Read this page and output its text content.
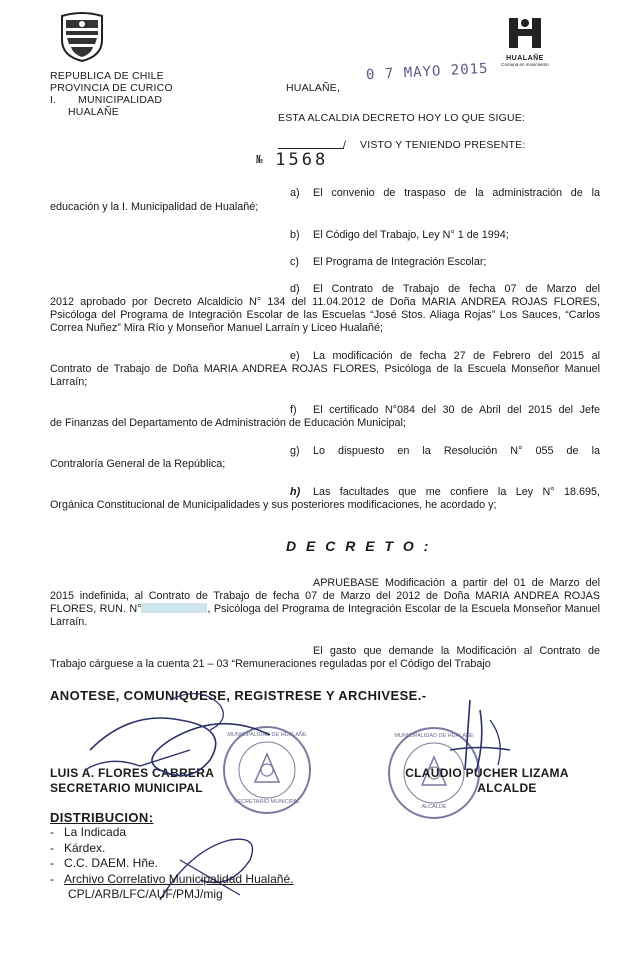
HUALAÑE
Comuna en movimiento
REPUBLICA DE CHILE
PROVINCIA DE CURICO
I.       MUNICIPALIDAD
HUALAÑE
HUALAÑE,
0 7 MAYO 2015
ESTA ALCALDIA DECRETO HOY LO QUE SIGUE:
/ VISTO Y TENIENDO PRESENTE:
№ 1568
a) El convenio de traspaso de la administración de la
educación y la I. Municipalidad de Hualañé;
b) El Código del Trabajo, Ley N° 1 de 1994;
c) El Programa de Integración Escolar;
d) El Contrato de Trabajo de fecha 07 de Marzo del
2012 aprobado por Decreto Alcaldicio N° 134 del 11.04.2012 de Doña MARIA ANDREA ROJAS FLORES, Psicóloga del Programa de Integración Escolar de las Escuelas “José Stos. Aliaga Rojas” Los Sauces, “Carlos Correa Nuñez” Mira Río y Monseñor Manuel Larraín y Liceo Hualañé;
e) La modificación de fecha 27 de Febrero del 2015 al
Contrato de Trabajo de Doña MARIA ANDREA ROJAS FLORES, Psicóloga de la Escuela Monseñor Manuel Larraín;
f) El certificado N°084 del 30 de Abril del 2015 del Jefe
de Finanzas del Departamento de Administración de Educación Municipal;
g) Lo dispuesto en la Resolución N° 055 de la
Contraloría General de la República;
h) Las facultades que me confiere la Ley N° 18.695,
Orgánica Constitucional de Municipalidades y sus posteriores modificaciones, he acordado y;
D E C R E T O :
APRUÉBASE Modificación a partir del 01 de Marzo del
2015 indefinida, al Contrato de Trabajo de fecha 07 de Marzo del 2012 de Doña MARIA ANDREA ROJAS FLORES, RUN. N°	, Psicóloga del Programa de Integración Escolar de la Escuela Monseñor Manuel Larraín.
El gasto que demande la Modificación al Contrato de
Trabajo cárguese a la cuenta 21 – 03 “Remuneraciones reguladas por el Código del Trabajo
ANOTESE, COMUNIQUESE, REGISTRESE Y ARCHIVESE.-
MUNICIPALIDAD DE HUALAÑE
SECRETARIO MUNICIPAL
MUNICIPALIDAD DE HUALAÑE
ALCALDE
LUIS A. FLORES CABRERA
SECRETARIO MUNICIPAL
CLAUDIO PUCHER LIZAMA
ALCALDE
DISTRIBUCION:
-   La Indicada
-   Kárdex.
-   C.C. DAEM. Hñe.
-   Archivo Correlativo Municipalidad Hualañé.
CPL/ARB/LFC/AUF/PMJ/mig
